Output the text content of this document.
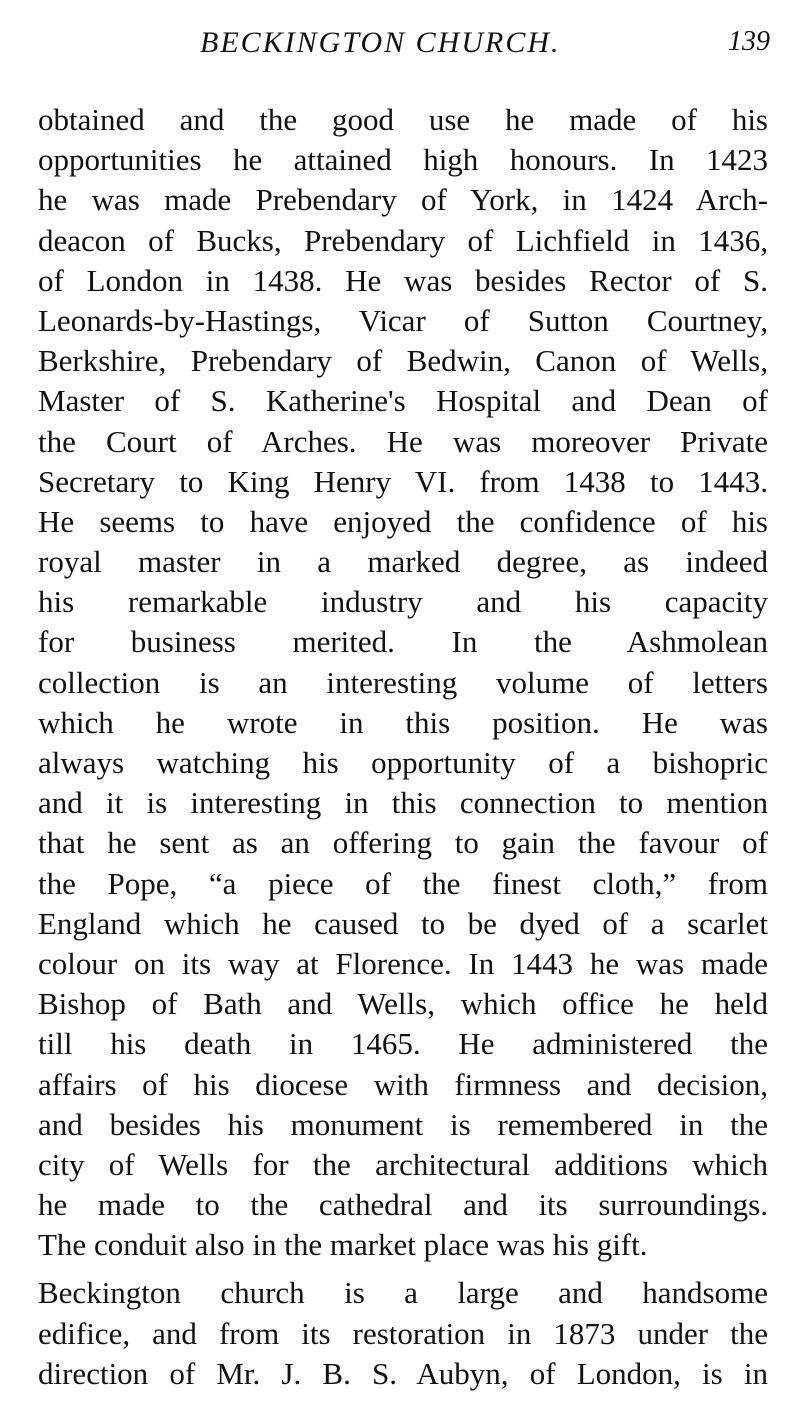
BECKINGTON CHURCH.	139
obtained and the good use he made of his
opportunities he attained high honours. In 1423
he was made Prebendary of York, in 1424 Arch-
deacon of Bucks, Prebendary of Lichfield in 1436,
of London in 1438. He was besides Rector of S.
Leonards-by-Hastings, Vicar of Sutton Courtney,
Berkshire, Prebendary of Bedwin, Canon of Wells,
Master of S. Katherine's Hospital and Dean of
the Court of Arches. He was moreover Private
Secretary to King Henry VI. from 1438 to 1443.
He seems to have enjoyed the confidence of his
royal master in a marked degree, as indeed
his remarkable industry and his capacity
for business merited. In the Ashmolean
collection is an interesting volume of letters
which he wrote in this position. He was
always watching his opportunity of a bishopric
and it is interesting in this connection to mention
that he sent as an offering to gain the favour of
the Pope, “a piece of the finest cloth,” from
England which he caused to be dyed of a scarlet
colour on its way at Florence. In 1443 he was made
Bishop of Bath and Wells, which office he held
till his death in 1465. He administered the
affairs of his diocese with firmness and decision,
and besides his monument is remembered in the
city of Wells for the architectural additions which
he made to the cathedral and its surroundings.
The conduit also in the market place was his gift.
Beckington church is a large and handsome
edifice, and from its restoration in 1873 under the
direction of Mr. J. B. S. Aubyn, of London, is in
